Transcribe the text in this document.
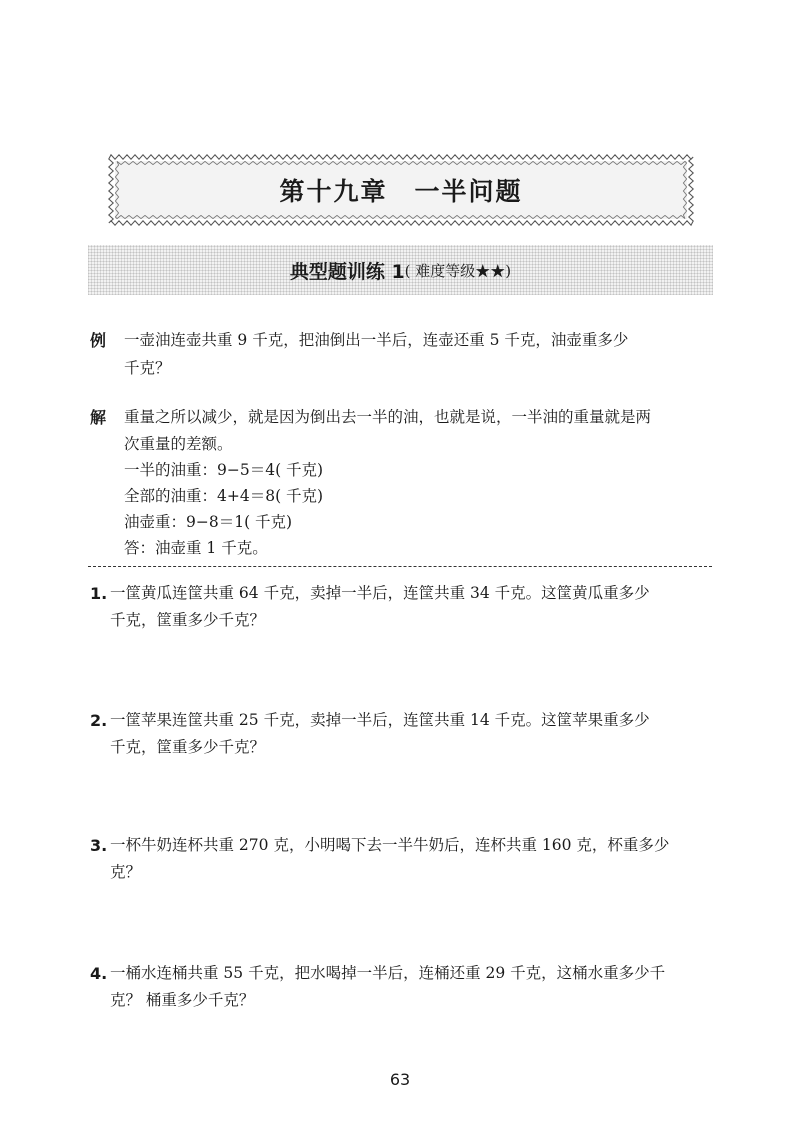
第十九章　一半问题
典型题训练 1 ( 难度等级★★)
例 一壶油连壶共重 9 千克，把油倒出一半后，连壶还重 5 千克，油壶重多少
千克？
解 重量之所以减少，就是因为倒出去一半的油，也就是说，一半油的重量就是两
次重量的差额。
一半的油重：9−5＝4( 千克)
全部的油重：4+4＝8( 千克)
油壶重：9−8＝1( 千克)
答：油壶重 1 千克。
1. 一筐黄瓜连筐共重 64 千克，卖掉一半后，连筐共重 34 千克。这筐黄瓜重多少
千克，筐重多少千克？
2. 一筐苹果连筐共重 25 千克，卖掉一半后，连筐共重 14 千克。这筐苹果重多少
千克，筐重多少千克？
3. 一杯牛奶连杯共重 270 克，小明喝下去一半牛奶后，连杯共重 160 克，杯重多少
克？
4. 一桶水连桶共重 55 千克，把水喝掉一半后，连桶还重 29 千克，这桶水重多少千
克？ 桶重多少千克？
63
